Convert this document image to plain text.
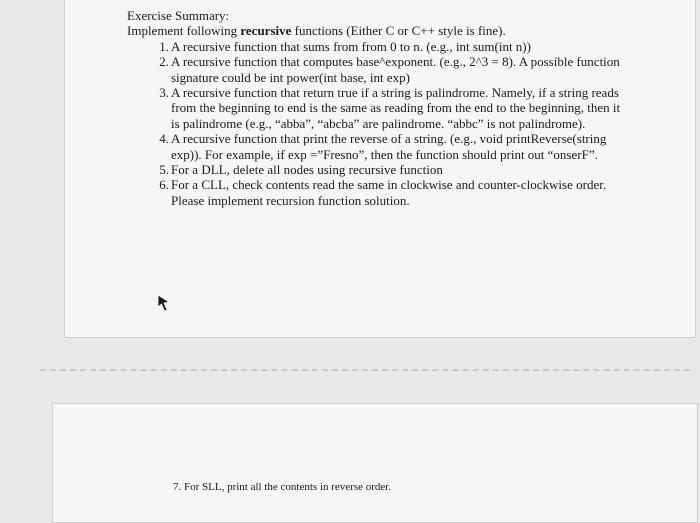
Exercise Summary:
Implement following recursive functions (Either C or C++ style is fine).
1. A recursive function that sums from from 0 to n. (e.g., int sum(int n))
2. A recursive function that computes base^exponent. (e.g., 2^3 = 8). A possible function signature could be int power(int base, int exp)
3. A recursive function that return true if a string is palindrome. Namely, if a string reads from the beginning to end is the same as reading from the end to the beginning, then it is palindrome (e.g., “abba”, “abcba” are palindrome. “abbc” is not palindrome).
4. A recursive function that print the reverse of a string. (e.g., void printReverse(string exp)). For example, if exp =”Fresno”, then the function should print out “onserF”.
5. For a DLL, delete all nodes using recursive function
6. For a CLL, check contents read the same in clockwise and counter-clockwise order. Please implement recursion function solution.
7. For SLL, print all the contents in reverse order.
